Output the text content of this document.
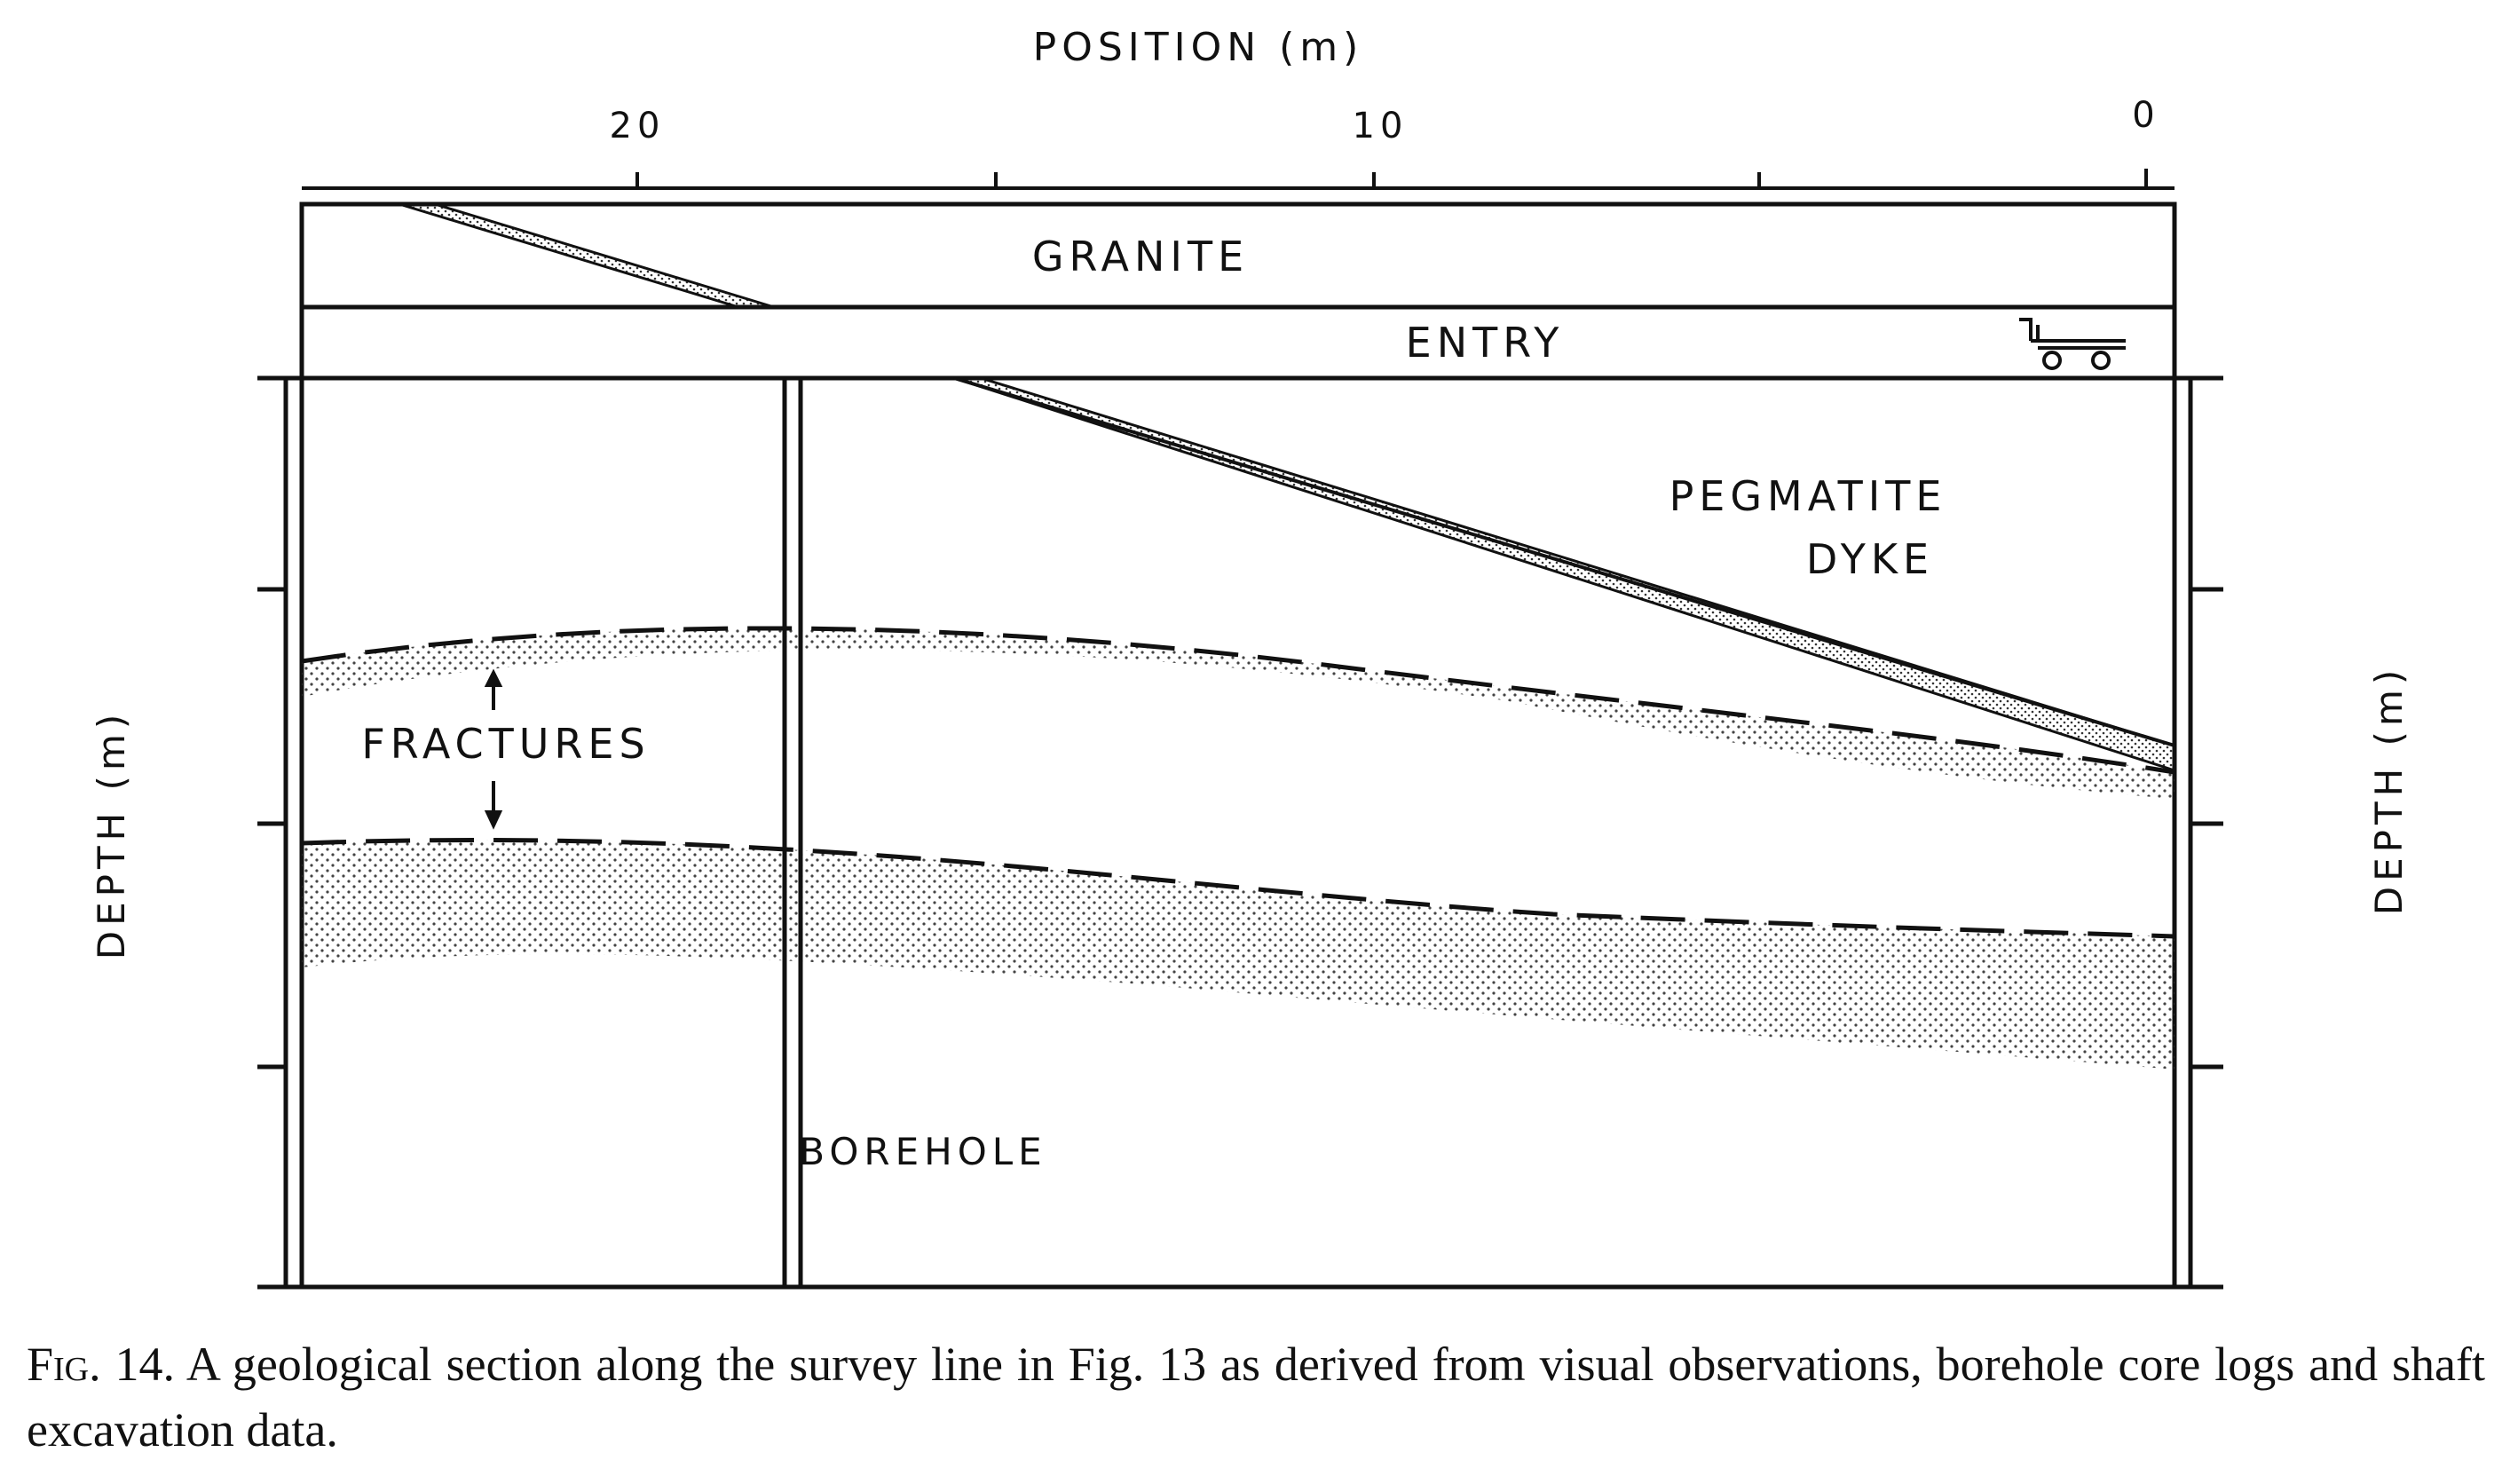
POSITION (m)
20	10	0
GRANITE
ENTRY
DEPTH (m)	DEPTH (m)
PEGMATITE
DYKE
FRACTURES
BOREHOLE
Fig. 14. A geological section along the survey line in Fig. 13 as derived from visual observations, borehole core logs and shaft excavation data.
